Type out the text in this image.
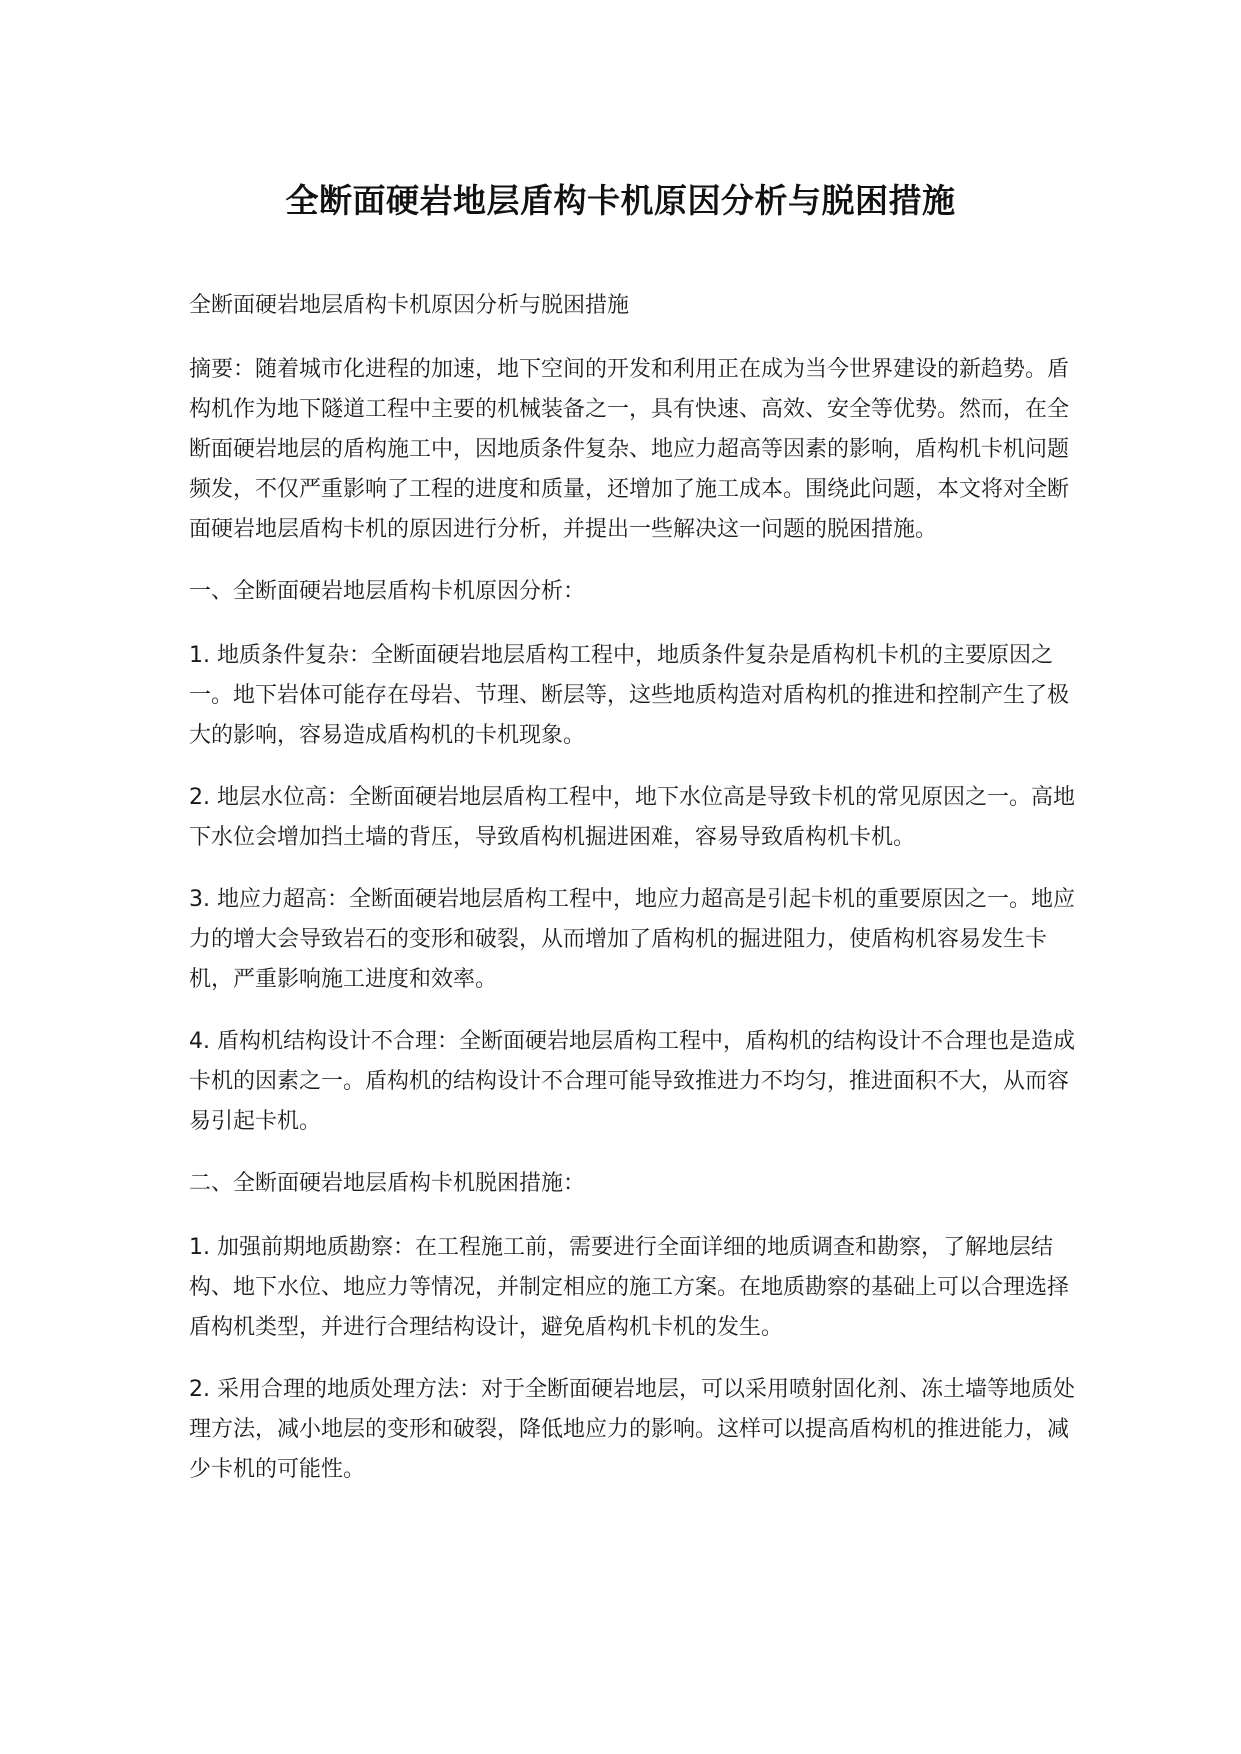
全断面硬岩地层盾构卡机原因分析与脱困措施

全断面硬岩地层盾构卡机原因分析与脱困措施

摘要：随着城市化进程的加速，地下空间的开发和利用正在成为当今世界建设的新趋势。盾构机作为地下隧道工程中主要的机械装备之一，具有快速、高效、安全等优势。然而，在全断面硬岩地层的盾构施工中，因地质条件复杂、地应力超高等因素的影响，盾构机卡机问题频发，不仅严重影响了工程的进度和质量，还增加了施工成本。围绕此问题，本文将对全断面硬岩地层盾构卡机的原因进行分析，并提出一些解决这一问题的脱困措施。

一、全断面硬岩地层盾构卡机原因分析：

1. 地质条件复杂：全断面硬岩地层盾构工程中，地质条件复杂是盾构机卡机的主要原因之一。地下岩体可能存在母岩、节理、断层等，这些地质构造对盾构机的推进和控制产生了极大的影响，容易造成盾构机的卡机现象。

2. 地层水位高：全断面硬岩地层盾构工程中，地下水位高是导致卡机的常见原因之一。高地下水位会增加挡土墙的背压，导致盾构机掘进困难，容易导致盾构机卡机。

3. 地应力超高：全断面硬岩地层盾构工程中，地应力超高是引起卡机的重要原因之一。地应力的增大会导致岩石的变形和破裂，从而增加了盾构机的掘进阻力，使盾构机容易发生卡机，严重影响施工进度和效率。

4. 盾构机结构设计不合理：全断面硬岩地层盾构工程中，盾构机的结构设计不合理也是造成卡机的因素之一。盾构机的结构设计不合理可能导致推进力不均匀，推进面积不大，从而容易引起卡机。

二、全断面硬岩地层盾构卡机脱困措施：

1. 加强前期地质勘察：在工程施工前，需要进行全面详细的地质调查和勘察，了解地层结构、地下水位、地应力等情况，并制定相应的施工方案。在地质勘察的基础上可以合理选择盾构机类型，并进行合理结构设计，避免盾构机卡机的发生。

2. 采用合理的地质处理方法：对于全断面硬岩地层，可以采用喷射固化剂、冻土墙等地质处理方法，减小地层的变形和破裂，降低地应力的影响。这样可以提高盾构机的推进能力，减少卡机的可能性。
